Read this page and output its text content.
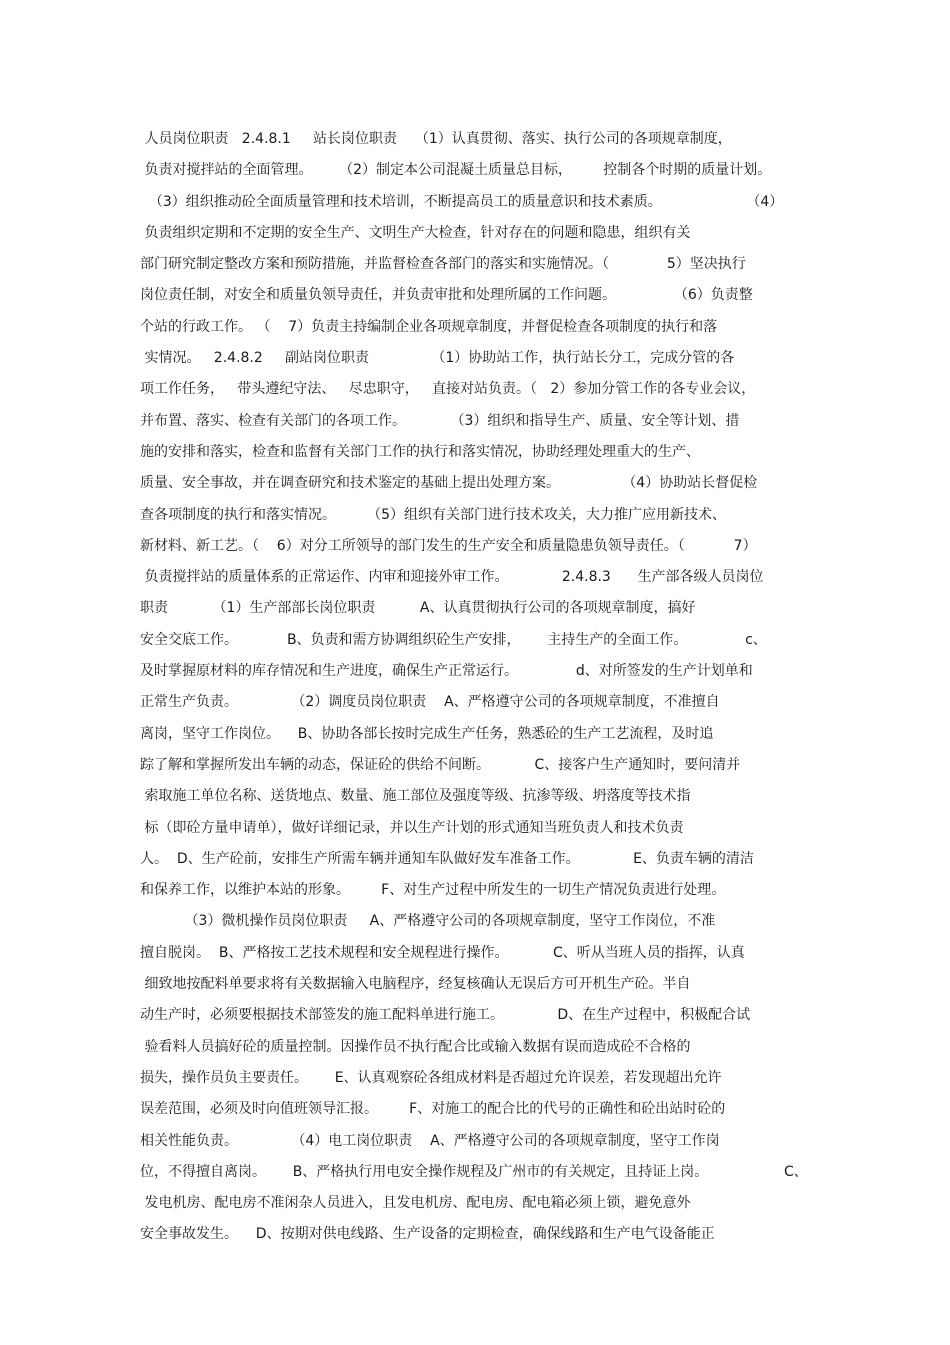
人员岗位职责   2.4.8.1     站长岗位职责    （1）认真贯彻、落实、执行公司的各项规章制度，
负责对搅拌站的全面管理。      （2）制定本公司混凝土质量总目标，       控制各个时期的质量计划。
（3）组织推动砼全面质量管理和技术培训，不断提高员工的质量意识和技术素质。                   （4）
负责组织定期和不定期的安全生产、文明生产大检查，针对存在的问题和隐患，组织有关
部门研究制定整改方案和预防措施，并监督检查各部门的落实和实施情况。（             5）坚决执行
岗位责任制，对安全和质量负领导责任，并负责审批和处理所属的工作问题。             （6）负责整
个站的行政工作。 （    7）负责主持编制企业各项规章制度，并督促检查各项制度的执行和落
实情况。   2.4.8.2     副站岗位职责              （1）协助站工作，执行站长分工，完成分管的各
项工作任务，   带头遵纪守法、   尽忠职守，   直接对站负责。（   2）参加分管工作的各专业会议，
并布置、落实、检查有关部门的各项工作。          （3）组织和指导生产、质量、安全等计划、措
施的安排和落实，检查和监督有关部门工作的执行和落实情况，协助经理处理重大的生产、
质量、安全事故，并在调查研究和技术鉴定的基础上提出处理方案。              （4）协助站长督促检
查各项制度的执行和落实情况。       （5）组织有关部门进行技术攻关，大力推广应用新技术、
新材料、新工艺。（    6）对分工所领导的部门发生的生产安全和质量隐患负领导责任。（           7）
负责搅拌站的质量体系的正常运作、内审和迎接外审工作。            2.4.8.3      生产部各级人员岗位
职责          （1）生产部部长岗位职责          A、认真贯彻执行公司的各项规章制度，搞好
安全交底工作。           B、负责和需方协调组织砼生产安排，      主持生产的全面工作。             c、
及时掌握原材料的库存情况和生产进度，确保生产正常运行。             d、对所签发的生产计划单和
正常生产负责。            （2）调度员岗位职责    A、严格遵守公司的各项规章制度，不准擅自
离岗，坚守工作岗位。    B、协助各部长按时完成生产任务，熟悉砼的生产工艺流程，及时追
踪了解和掌握所发出车辆的动态，保证砼的供给不间断。          C、接客户生产通知时，要问清并
索取施工单位名称、送货地点、数量、施工部位及强度等级、抗渗等级、坍落度等技术指
标（即砼方量申请单），做好详细记录，并以生产计划的形式通知当班负责人和技术负责
人。  D、生产砼前，安排生产所需车辆并通知车队做好发车准备工作。            E、负责车辆的清洁
和保养工作，以维护本站的形象。       F、对生产过程中所发生的一切生产情况负责进行处理。
（3）微机操作员岗位职责     A、严格遵守公司的各项规章制度，坚守工作岗位，不准
擅自脱岗。  B、严格按工艺技术规程和安全规程进行操作。          C、听从当班人员的指挥，认真
细致地按配料单要求将有关数据输入电脑程序，经复核确认无误后方可开机生产砼。半自
动生产时，必须要根据技术部签发的施工配料单进行施工。            D、在生产过程中，积极配合试
验看料人员搞好砼的质量控制。因操作员不执行配合比或输入数据有误而造成砼不合格的
损失，操作员负主要责任。      E、认真观察砼各组成材料是否超过允许误差，若发现超出允许
误差范围，必须及时向值班领导汇报。       F、对施工的配合比的代号的正确性和砼出站时砼的
相关性能负责。            （4）电工岗位职责    A、严格遵守公司的各项规章制度，坚守工作岗
位，不得擅自离岗。      B、严格执行用电安全操作规程及广州市的有关规定，且持证上岗。                 C、
发电机房、配电房不准闲杂人员进入，且发电机房、配电房、配电箱必须上锁，避免意外
安全事故发生。    D、按期对供电线路、生产设备的定期检查，确保线路和生产电气设备能正
